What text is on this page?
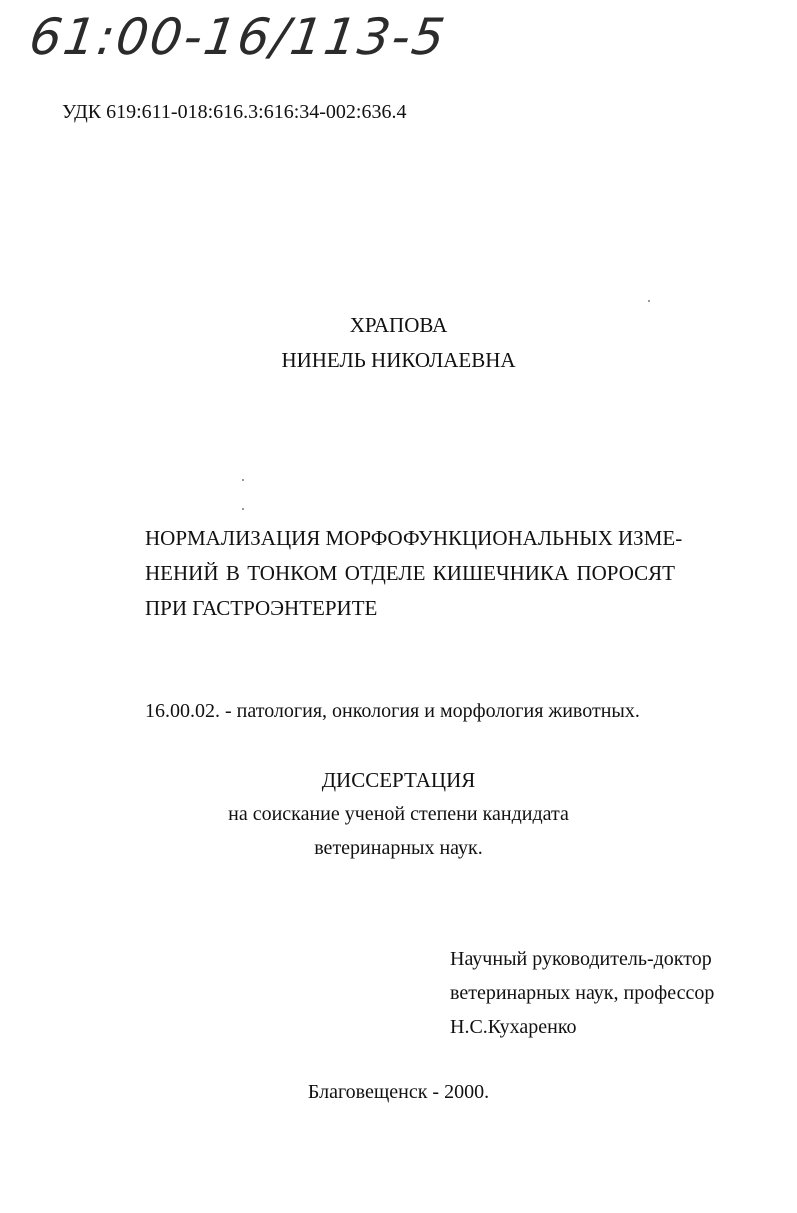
61:00-16/113-5
УДК 619:611-018:616.3:616:34-002:636.4
ХРАПОВА
НИНЕЛЬ НИКОЛАЕВНА
НОРМАЛИЗАЦИЯ МОРФОФУНКЦИОНАЛЬНЫХ ИЗМЕ-
НЕНИЙ В ТОНКОМ ОТДЕЛЕ КИШЕЧНИКА ПОРОСЯТ
ПРИ ГАСТРОЭНТЕРИТЕ
16.00.02. - патология, онкология и морфология животных.
ДИССЕРТАЦИЯ
на соискание ученой степени кандидата
ветеринарных наук.
Научный руководитель-доктор
ветеринарных наук, профессор
Н.С.Кухаренко
Благовещенск - 2000.
